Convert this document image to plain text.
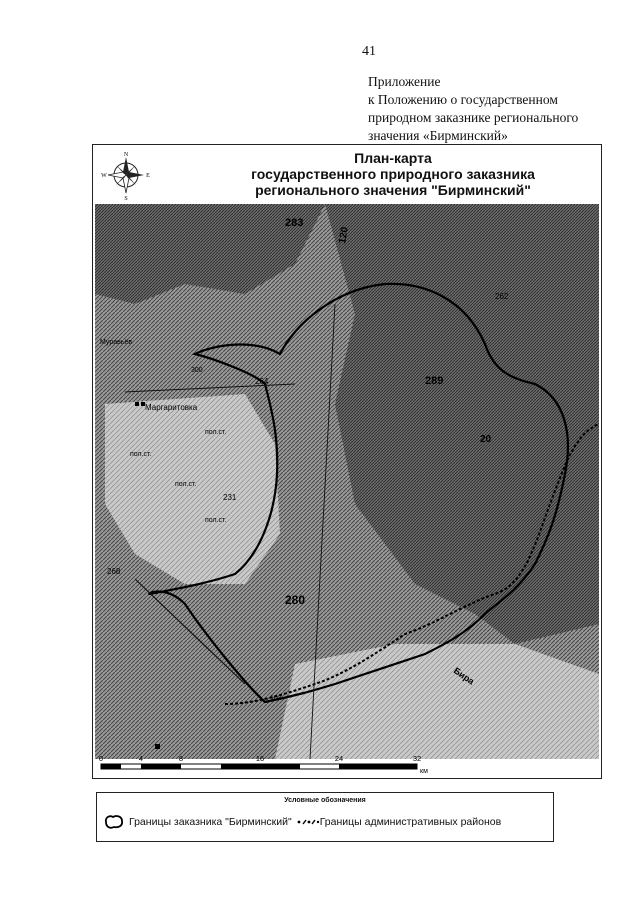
41
Приложение
к Положению о государственном
природном заказнике регионального
значения «Бирминский»
N
S
W	E
План-карта
государственного природного заказника
регионального значения "Бирминский"
283
120
262
289
20
280
264
231
268
103
300
Маргаритовка
Муравьёв
пол.ст.
пол.ст.
пол.ст.
пол.ст.
Бира
0	4	8	16	24	32
км
Условные обозначения
Границы заказника "Бирминский"	Границы административных районов
